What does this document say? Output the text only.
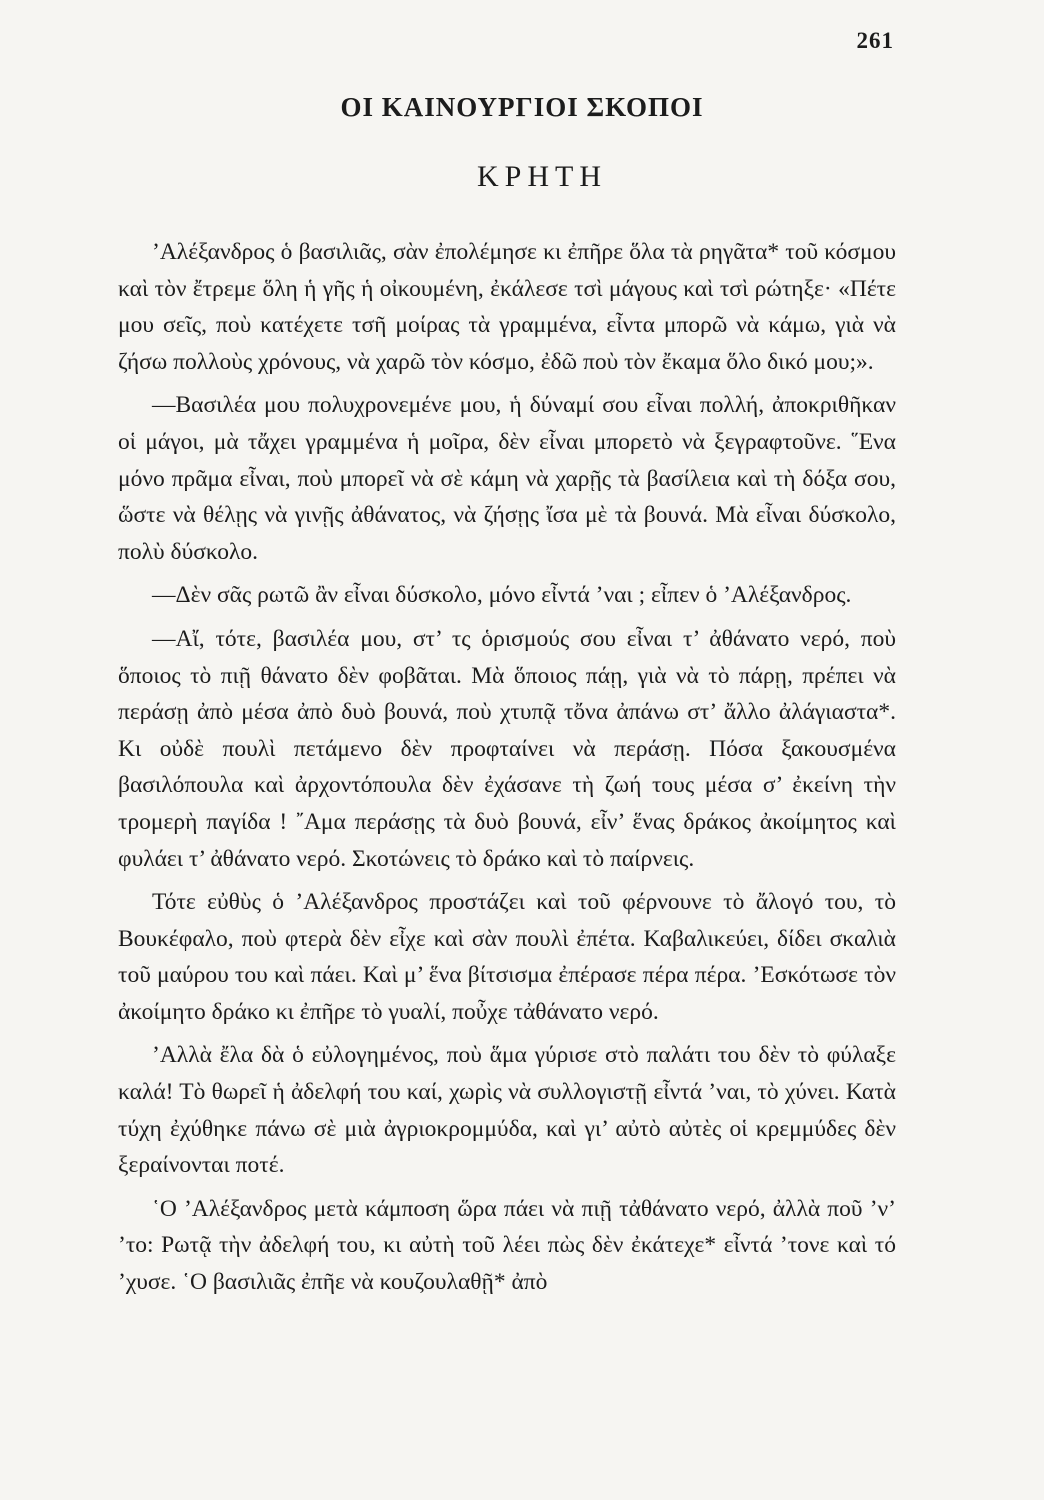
261
ΟΙ ΚΑΙΝΟΥΡΓΙΟΙ ΣΚΟΠΟΙ
ΚΡΗΤΗ

’Αλέξανδρος ὁ βασιλιᾶς, σὰν ἐπολέμησε κι ἐπῆρε ὅλα τὰ ρηγᾶτα* τοῦ κόσμου καὶ τὸν ἔτρεμε ὅλη ἡ γῆς ἡ οἰκουμένη, ἐκάλεσε τσὶ μάγους καὶ τσὶ ρώτηξε· «Πέτε μου σεῖς, ποὺ κατέχετε τσῆ μοίρας τὰ γραμμένα, εἶντα μπορῶ νὰ κάμω, γιὰ νὰ ζήσω πολλοὺς χρόνους, νὰ χαρῶ τὸν κόσμο, ἐδῶ ποὺ τὸν ἔκαμα ὅλο δικό μου;».

—Βασιλέα μου πολυχρονεμένε μου, ἡ δύναμί σου εἶναι πολλή, ἀποκριθῆκαν οἱ μάγοι, μὰ τἄχει γραμμένα ἡ μοῖρα, δὲν εἶναι μπορετὸ νὰ ξεγραφτοῦνε. ῞Ενα μόνο πρᾶμα εἶναι, ποὺ μπορεῖ νὰ σὲ κάμη νὰ χαρῇς τὰ βασίλεια καὶ τὴ δόξα σου, ὥστε νὰ θέλῃς νὰ γινῇς ἀθάνατος, νὰ ζήσῃς ἴσα μὲ τὰ βουνά. Μὰ εἶναι δύσκολο, πολὺ δύσκολο.

—Δὲν σᾶς ρωτῶ ἂν εἶναι δύσκολο, μόνο εἶντά ’ναι ; εἶπεν ὁ ’Αλέξανδρος.

—Αἴ, τότε, βασιλέα μου, στ’ τς ὁρισμούς σου εἶναι τ’ ἀθάνατο νερό, ποὺ ὅποιος τὸ πιῇ θάνατο δὲν φοβᾶται. Μὰ ὅποιος πάῃ, γιὰ νὰ τὸ πάρῃ, πρέπει νὰ περάσῃ ἀπὸ μέσα ἀπὸ δυὸ βουνά, ποὺ χτυπᾷ τὄνα ἀπάνω στ’ ἄλλο ἀλάγιαστα*. Κι οὐδὲ πουλὶ πετάμενο δὲν προφταίνει νὰ περάσῃ. Πόσα ξακουσμένα βασιλόπουλα καὶ ἀρχοντόπουλα δὲν ἐχάσανε τὴ ζωή τους μέσα σ’ ἐκείνη τὴν τρομερὴ παγίδα ! ῎Αμα περάσῃς τὰ δυὸ βουνά, εἶν’ ἕνας δράκος ἀκοίμητος καὶ φυλάει τ’ ἀθάνατο νερό. Σκοτώνεις τὸ δράκο καὶ τὸ παίρνεις.

Τότε εὐθὺς ὁ ’Αλέξανδρος προστάζει καὶ τοῦ φέρνουνε τὸ ἄλογό του, τὸ Βουκέφαλο, ποὺ φτερὰ δὲν εἶχε καὶ σὰν πουλὶ ἐπέτα. Καβαλικεύει, δίδει σκαλιὰ τοῦ μαύρου του καὶ πάει. Καὶ μ’ ἕνα βίτσισμα ἐπέρασε πέρα πέρα. ’Εσκότωσε τὸν ἀκοίμητο δράκο κι ἐπῆρε τὸ γυαλί, ποὖχε τἀθάνατο νερό.

’Αλλὰ ἔλα δὰ ὁ εὐλογημένος, ποὺ ἅμα γύρισε στὸ παλάτι του δὲν τὸ φύλαξε καλά! Τὸ θωρεῖ ἡ ἀδελφή του καί, χωρὶς νὰ συλλογιστῇ εἶντά ’ναι, τὸ χύνει. Κατὰ τύχη ἐχύθηκε πάνω σὲ μιὰ ἀγριοκρομμύδα, καὶ γι’ αὐτὸ αὐτὲς οἱ κρεμμύδες δὲν ξεραίνονται ποτέ.

῾Ο ’Αλέξανδρος μετὰ κάμποση ὥρα πάει νὰ πιῇ τἀθάνατο νερό, ἀλλὰ ποῦ ’ν’ ’το: Ρωτᾷ τὴν ἀδελφή του, κι αὐτὴ τοῦ λέει πὼς δὲν ἐκάτεχε* εἶντά ’τονε καὶ τό ’χυσε. ῾Ο βασιλιᾶς ἐπῆε νὰ κουζουλαθῇ* ἀπὸ
